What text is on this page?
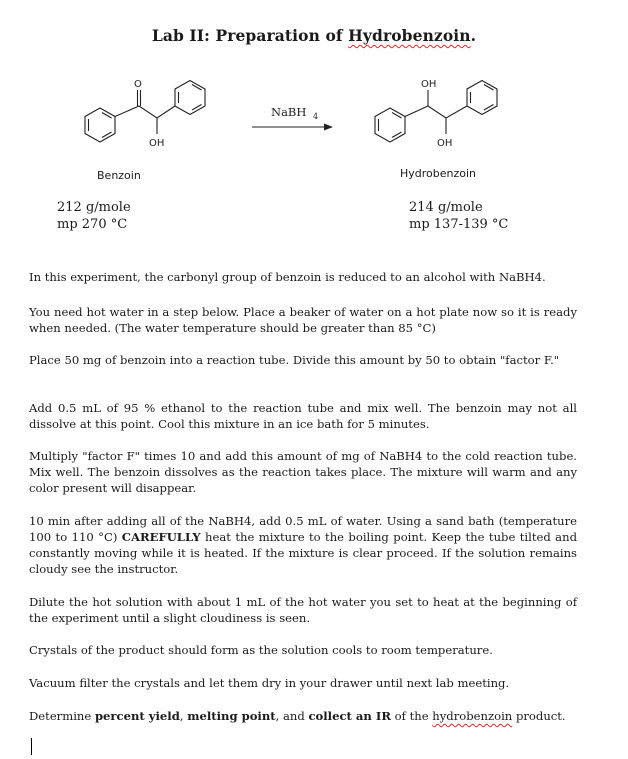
Lab II: Preparation of Hydrobenzoin.
O
OH
OH
OH
NaBH 4
Benzoin	Hydrobenzoin
212 g/mole
mp 270 °C
214 g/mole
mp 137-139 °C

In this experiment, the carbonyl group of benzoin is reduced to an alcohol with NaBH4.

You need hot water in a step below. Place a beaker of water on a hot plate now so it is ready when needed. (The water temperature should be greater than 85 °C)

Place 50 mg of benzoin into a reaction tube. Divide this amount by 50 to obtain "factor F."

Add 0.5 mL of 95 % ethanol to the reaction tube and mix well. The benzoin may not all dissolve at this point. Cool this mixture in an ice bath for 5 minutes.

Multiply "factor F" times 10 and add this amount of mg of NaBH4 to the cold reaction tube. Mix well. The benzoin dissolves as the reaction takes place. The mixture will warm and any color present will disappear.

10 min after adding all of the NaBH4, add 0.5 mL of water. Using a sand bath (temperature 100 to 110 °C) CAREFULLY heat the mixture to the boiling point. Keep the tube tilted and constantly moving while it is heated. If the mixture is clear proceed. If the solution remains cloudy see the instructor.

Dilute the hot solution with about 1 mL of the hot water you set to heat at the beginning of the experiment until a slight cloudiness is seen.

Crystals of the product should form as the solution cools to room temperature.

Vacuum filter the crystals and let them dry in your drawer until next lab meeting.

Determine percent yield, melting point, and collect an IR of the hydrobenzoin product.
